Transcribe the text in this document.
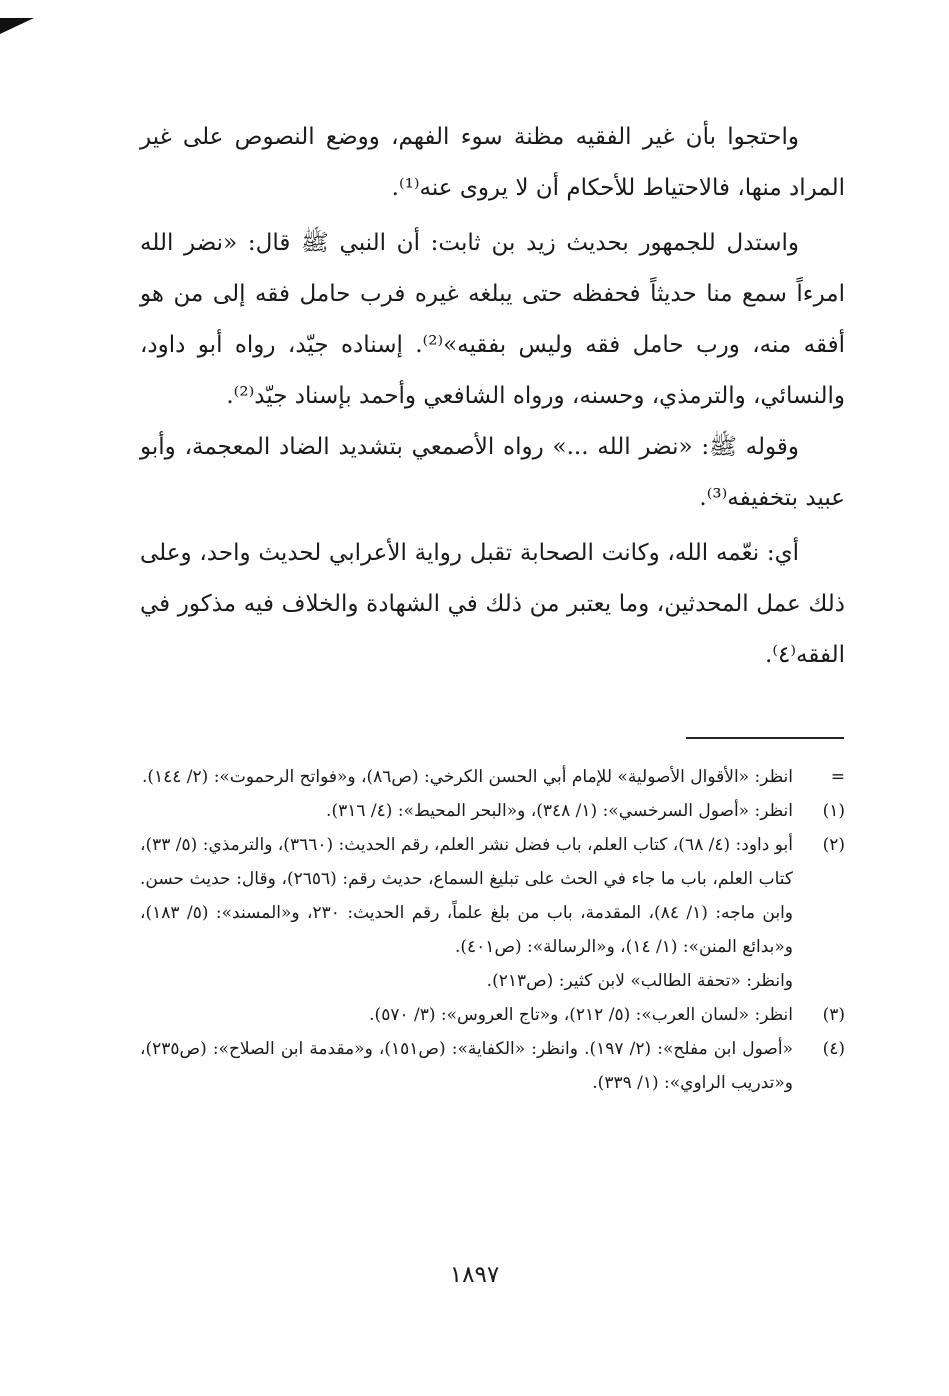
واحتجوا بأن غير الفقيه مظنة سوء الفهم، ووضع النصوص على غير المراد منها، فالاحتياط للأحكام أن لا يروى عنه⁽¹⁾.

واستدل للجمهور بحديث زيد بن ثابت: أن النبي ﷺ قال: «نضر الله امرءاً سمع منا حديثاً فحفظه حتى يبلغه غيره فرب حامل فقه إلى من هو أفقه منه، ورب حامل فقه وليس بفقيه»⁽²⁾. إسناده جيّد، رواه أبو داود، والنسائي، والترمذي، وحسنه، ورواه الشافعي وأحمد بإسناد جيّد⁽²⁾.

وقوله ﷺ: «نضر الله ...» رواه الأصمعي بتشديد الضاد المعجمة، وأبو عبيد بتخفيفه⁽³⁾.

أي: نعّمه الله، وكانت الصحابة تقبل رواية الأعرابي لحديث واحد، وعلى ذلك عمل المحدثين، وما يعتبر من ذلك في الشهادة والخلاف فيه مذكور في الفقه⁽٤⁾.

=

انظر: «الأقوال الأصولية» للإمام أبي الحسن الكرخي: (ص٨٦)، و«فواتح الرحموت»: (٢/ ١٤٤).

(١)

انظر: «أصول السرخسي»: (١/ ٣٤٨)، و«البحر المحيط»: (٤/ ٣١٦).

(٢)

أبو داود: (٤/ ٦٨)، كتاب العلم، باب فضل نشر العلم، رقم الحديث: (٣٦٦٠)، والترمذي: (٥/ ٣٣)، كتاب العلم، باب ما جاء في الحث على تبليغ السماع، حديث رقم: (٢٦٥٦)، وقال: حديث حسن. وابن ماجه: (١/ ٨٤)، المقدمة، باب من بلغ علماً، رقم الحديث: ٢٣٠، و«المسند»: (٥/ ١٨٣)، و«بدائع المنن»: (١/ ١٤)، و«الرسالة»: (ص٤٠١).

وانظر: «تحفة الطالب» لابن كثير: (ص٢١٣).

(٣)

انظر: «لسان العرب»: (٥/ ٢١٢)، و«تاج العروس»: (٣/ ٥٧٠).

(٤)

«أصول ابن مفلح»: (٢/ ١٩٧). وانظر: «الكفاية»: (ص١٥١)، و«مقدمة ابن الصلاح»: (ص٢٣٥)، و«تدريب الراوي»: (١/ ٣٣٩).

١٨٩٧
